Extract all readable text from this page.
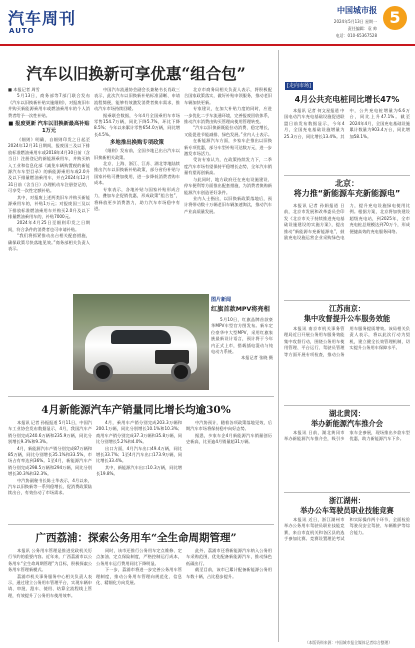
汽车周刊
AUTO
中国城市报
2024年5月13日 星期一
责任编辑：袁 帅
电话：010-65367528
5
汽车以旧换新可享优惠“组合包”

■ 本报记者 周雪

5月13日，商务部等7部门联合发布《汽车以旧换新补贴实施细则》，对报废旧车并购买新能源乘用车或燃油乘用车的个人消费者给予一次性补贴。

■ 报废更新 汽车以旧换新最高补贴1万元

《细则》明确，自细则印发之日起至2024年12月31日期间，报废国三及以下排放标准燃油乘用车或2018年4月30日前（含当日）注册登记的新能源乘用车，并购买纳入工业和信息化部《减免车辆购置税的新能源汽车车型目录》的新能源乘用车或2.0升及以下排量燃油乘用车，并在2024年12月31日前（含当日）办理机动车注册登记的，可享受一次性定额补贴。

其中，对报废上述两类旧车并购买新能源乘用车的，补贴1万元；对报废国三及以下排放标准燃油乘用车并购买2.0升及以下排量燃油乘用车的，补贴7000元。

2024年4月25日至细则印发之日期间，符合条件的消费者也可申请补贴。

“我们将抓紧推动出台相关配套措施，确保政策尽快落地见效。”商务部相关负责人表示。

中国汽车流通协会副会长兼秘书长肖政三表示，此次汽车以旧换新补贴标准清晰、申请流程简便，能够有效激发消费者换车需求，推动汽车市场持续回暖。

据乘联会数据，今年4月全国乘用车市场零售154.7万辆，同比下降5.7%，环比下降8.5%；今年以来累计零售654.0万辆，同比增长4.5%。

多地推出换购专项政策

《细则》发布前，全国多地已出台汽车以旧换新相关政策。

北京、上海、浙江、江苏、湖北等地陆续推出汽车以旧换新补贴政策，部分省份补贴与国家补贴可叠加使用，进一步降低消费者购车成本。

专家表示，各地补贴与国家补贴形成合力，叠加车企促销优惠，形成政策“组合包”，将释放更多消费潜力，助力汽车市场稳中有进。

北京市商务局相关负责人表示，将积极配合国家政策落实，做好补贴申领服务，推动老旧车辆加快更新。

专家建议，在加大补贴力度的同时，应进一步优化二手车流通环境，完善报废回收体系，推动汽车消费由购买管理向使用管理转变。

“汽车以旧换新既能拉动消费、稳定增长，又能促进节能减排、绿色发展。”业内人士表示。

在新能源汽车方面，多家车企推出以旧换新专项优惠，部分车型补贴可达数万元，进一步激发市场活力。

受访专家认为，在政策持续发力下，二季度汽车市场有望保持平稳增长态势，全年汽车销量有望再创新高。

与此同时，地方政府还在充电设施建设、停车便利等方面推出配套措施，为消费者换购新能源汽车创造更好条件。

业内人士指出，以旧换新政策落地后，预计将带动数十万辆老旧车辆加速淘汰，推动汽车产业高质量发展。

图片新闻
红旗首款MPV将亮相

5月10日，红旗品牌首款豪华MPV车型官方图发布。新车定位豪华中大型MPV，采用红旗家族最新设计语言，预计将于今年内正式上市，搭载插电混动与纯电动力系统。

本报记者 张晓 摄

4月新能源汽车产销量同比增长均逾30%

本报讯 记者 孙振报道 5月11日，中国汽车工业协会发布数据显示，4月，我国汽车产销分别完成240.6万辆和235.9万辆，同比分别增长9.3%和9.3%。

4月，新能源汽车产销分别完成87万辆和85万辆，同比分别增长35.1%和33.5%，市场占有率达到36%。1至4月，新能源汽车产销分别完成298.5万辆和294万辆，同比分别增长30.3%和32.3%。

中汽协副秘书长陈士华表示，4月以来，汽车以旧换新等一系列稳增长、促消费政策陆续出台，有效拉动了市场需求。

4月，乘用车产销分别完成203.3万辆和200.1万辆，同比分别增长10.1%和10.3%；商用车产销分别完成37.3万辆和35.8万辆，同比分别增长5.2%和4.0%。

出口方面，4月汽车出口49.4万辆，同比增长33.7%；1至4月汽车出口173.9万辆，同比增长33.4%。

其中，新能源汽车出口10.3万辆，同比增长19.8%。

中汽协预计，随着各项政策落地见效，后期汽车市场将保持稳中向好态势。

据悉，多家车企4月新能源汽车销量创历史新高，比亚迪4月销量超31万辆。

广西荔浦：探索公务用车“全生命周期管理”

本报讯 公务用车管理是推进党政机关厉行节约的重要内容。近年来，广西荔浦市以公务用车“全生命周期管理”为目标，积极探索公务用车管理新模式。

荔浦市机关事务服务中心相关负责人表示，通过建立公务用车管理平台，实现车辆申请、审批、派车、使用、结算全流程线上管理，有效提升了公务用车使用效率。

同时，该市还推行公务用车定点维修、定点加油、定点保险制度，严格控制运行成本，公务用车运行费用同比下降明显。

下一步，荔浦市将进一步完善公务用车管理制度，推动公务用车管理向规范化、信息化、精细化方向发展。

此外，荔浦市还将新能源汽车纳入公务用车采购范围，优先配备新能源汽车，推动绿色低碳出行。

截至目前，该市已累计配备新能源公务用车数十辆，占比稳步提升。

[走向市场]
4月公共充电桩同比增长47%

本报讯 记者 何文星报道 中国电动汽车充电基础设施促进联盟日前发布数据显示，今年4月，全国充电基础设施增量为25.3万台，同比增长13.4%。其中，公共充电桩增量为6.6万台，同比上升47.1%。截至2024年4月，全国充电基础设施累计数量为903.4万台，同比增加58.1%。

北京：
将力推“新能源车充新能源电”

本报讯 记者 孙娟报道 日前，北京市发展和改革委员会印发《北京市关于持续推进充电基础设施建设的实施方案》，提出推动“新能源车充新能源电”，鼓励充电设施运营企业采购绿色电力，提升充电设施绿电使用比例。根据方案，北京将加快建设超级充电站，到2025年，全市充电桩总规模达到70万个，形成便捷高效的充电服务网络。

江苏南京：
集中攻督提升公车服务效能

本报讯 南京市机关事务管理局近日开展公务用车服务效能集中攻督行动，围绕公务用车使用管理、平台运行、驾驶员管理等方面开展专项检查，推动公务用车服务提质增效。该局相关负责人表示，将以此次行动为契机，建立健全长效管理机制，切实提升公务用车保障水平。

湖北黄冈：
举办新能源汽车推介会

本报讯 日前，湖北黄冈市举办新能源汽车推介会，吸引多家车企参展，现场推出多款车型优惠，助力新能源汽车下乡。

浙江湖州：
举办公车驾驶员职业技能竞赛

本报讯 近日，浙江湖州市举办公务用车驾驶员职业技能竞赛，来自市直机关和各区县的选手参加比赛。竞赛设置理论考试和实际操作两个环节，全面检验驾驶员安全驾驶、车辆维护等综合能力。

（本版资料来源：中国城市报全媒体记者综合整理）
